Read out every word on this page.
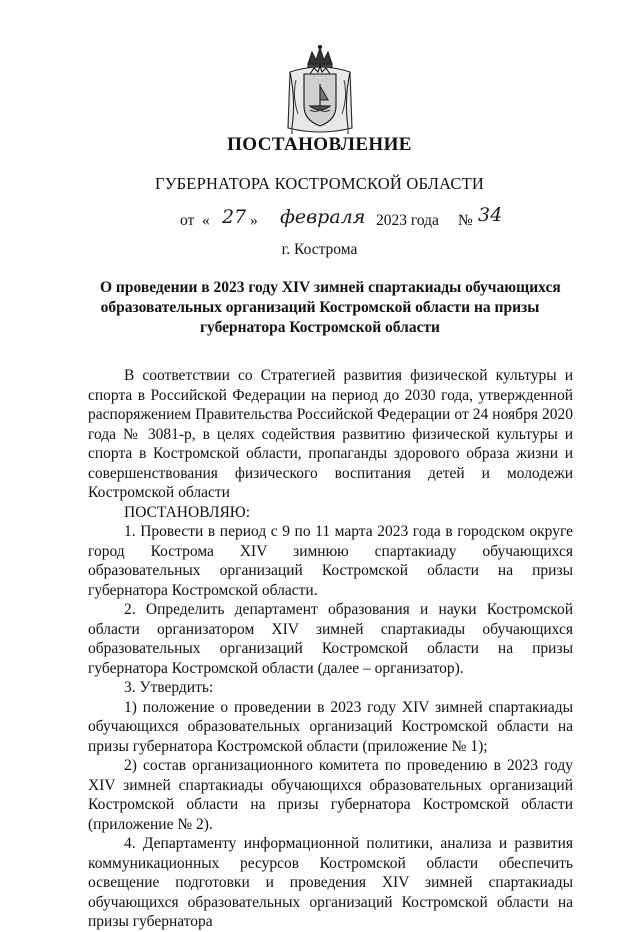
ПОСТАНОВЛЕНИЕ
ГУБЕРНАТОРА КОСТРОМСКОЙ ОБЛАСТИ
от « 27 » февраля 2023 года № 34
г. Кострома
О проведении в 2023 году XIV зимней спартакиады обучающихся
образовательных организаций Костромской области на призы
губернатора Костромской области

В соответствии со Стратегией развития физической культуры и спорта в Российской Федерации на период до 2030 года, утвержденной распоряжением Правительства Российской Федерации от 24 ноября 2020 года № 3081-р, в целях содействия развитию физической культуры и спорта в Костромской области, пропаганды здорового образа жизни и совершенствования физического воспитания детей и молодежи Костромской области

ПОСТАНОВЛЯЮ:

1. Провести в период с 9 по 11 марта 2023 года в городском округе город Кострома XIV зимнюю спартакиаду обучающихся образовательных организаций Костромской области на призы губернатора Костромской области.

2. Определить департамент образования и науки Костромской области организатором XIV зимней спартакиады обучающихся образовательных организаций Костромской области на призы губернатора Костромской области (далее – организатор).

3. Утвердить:

1) положение о проведении в 2023 году XIV зимней спартакиады обучающихся образовательных организаций Костромской области на призы губернатора Костромской области (приложение № 1);

2) состав организационного комитета по проведению в 2023 году XIV зимней спартакиады обучающихся образовательных организаций Костромской области на призы губернатора Костромской области (приложение № 2).

4. Департаменту информационной политики, анализа и развития коммуникационных ресурсов Костромской области обеспечить освещение подготовки и проведения XIV зимней спартакиады обучающихся образовательных организаций Костромской области на призы губернатора
